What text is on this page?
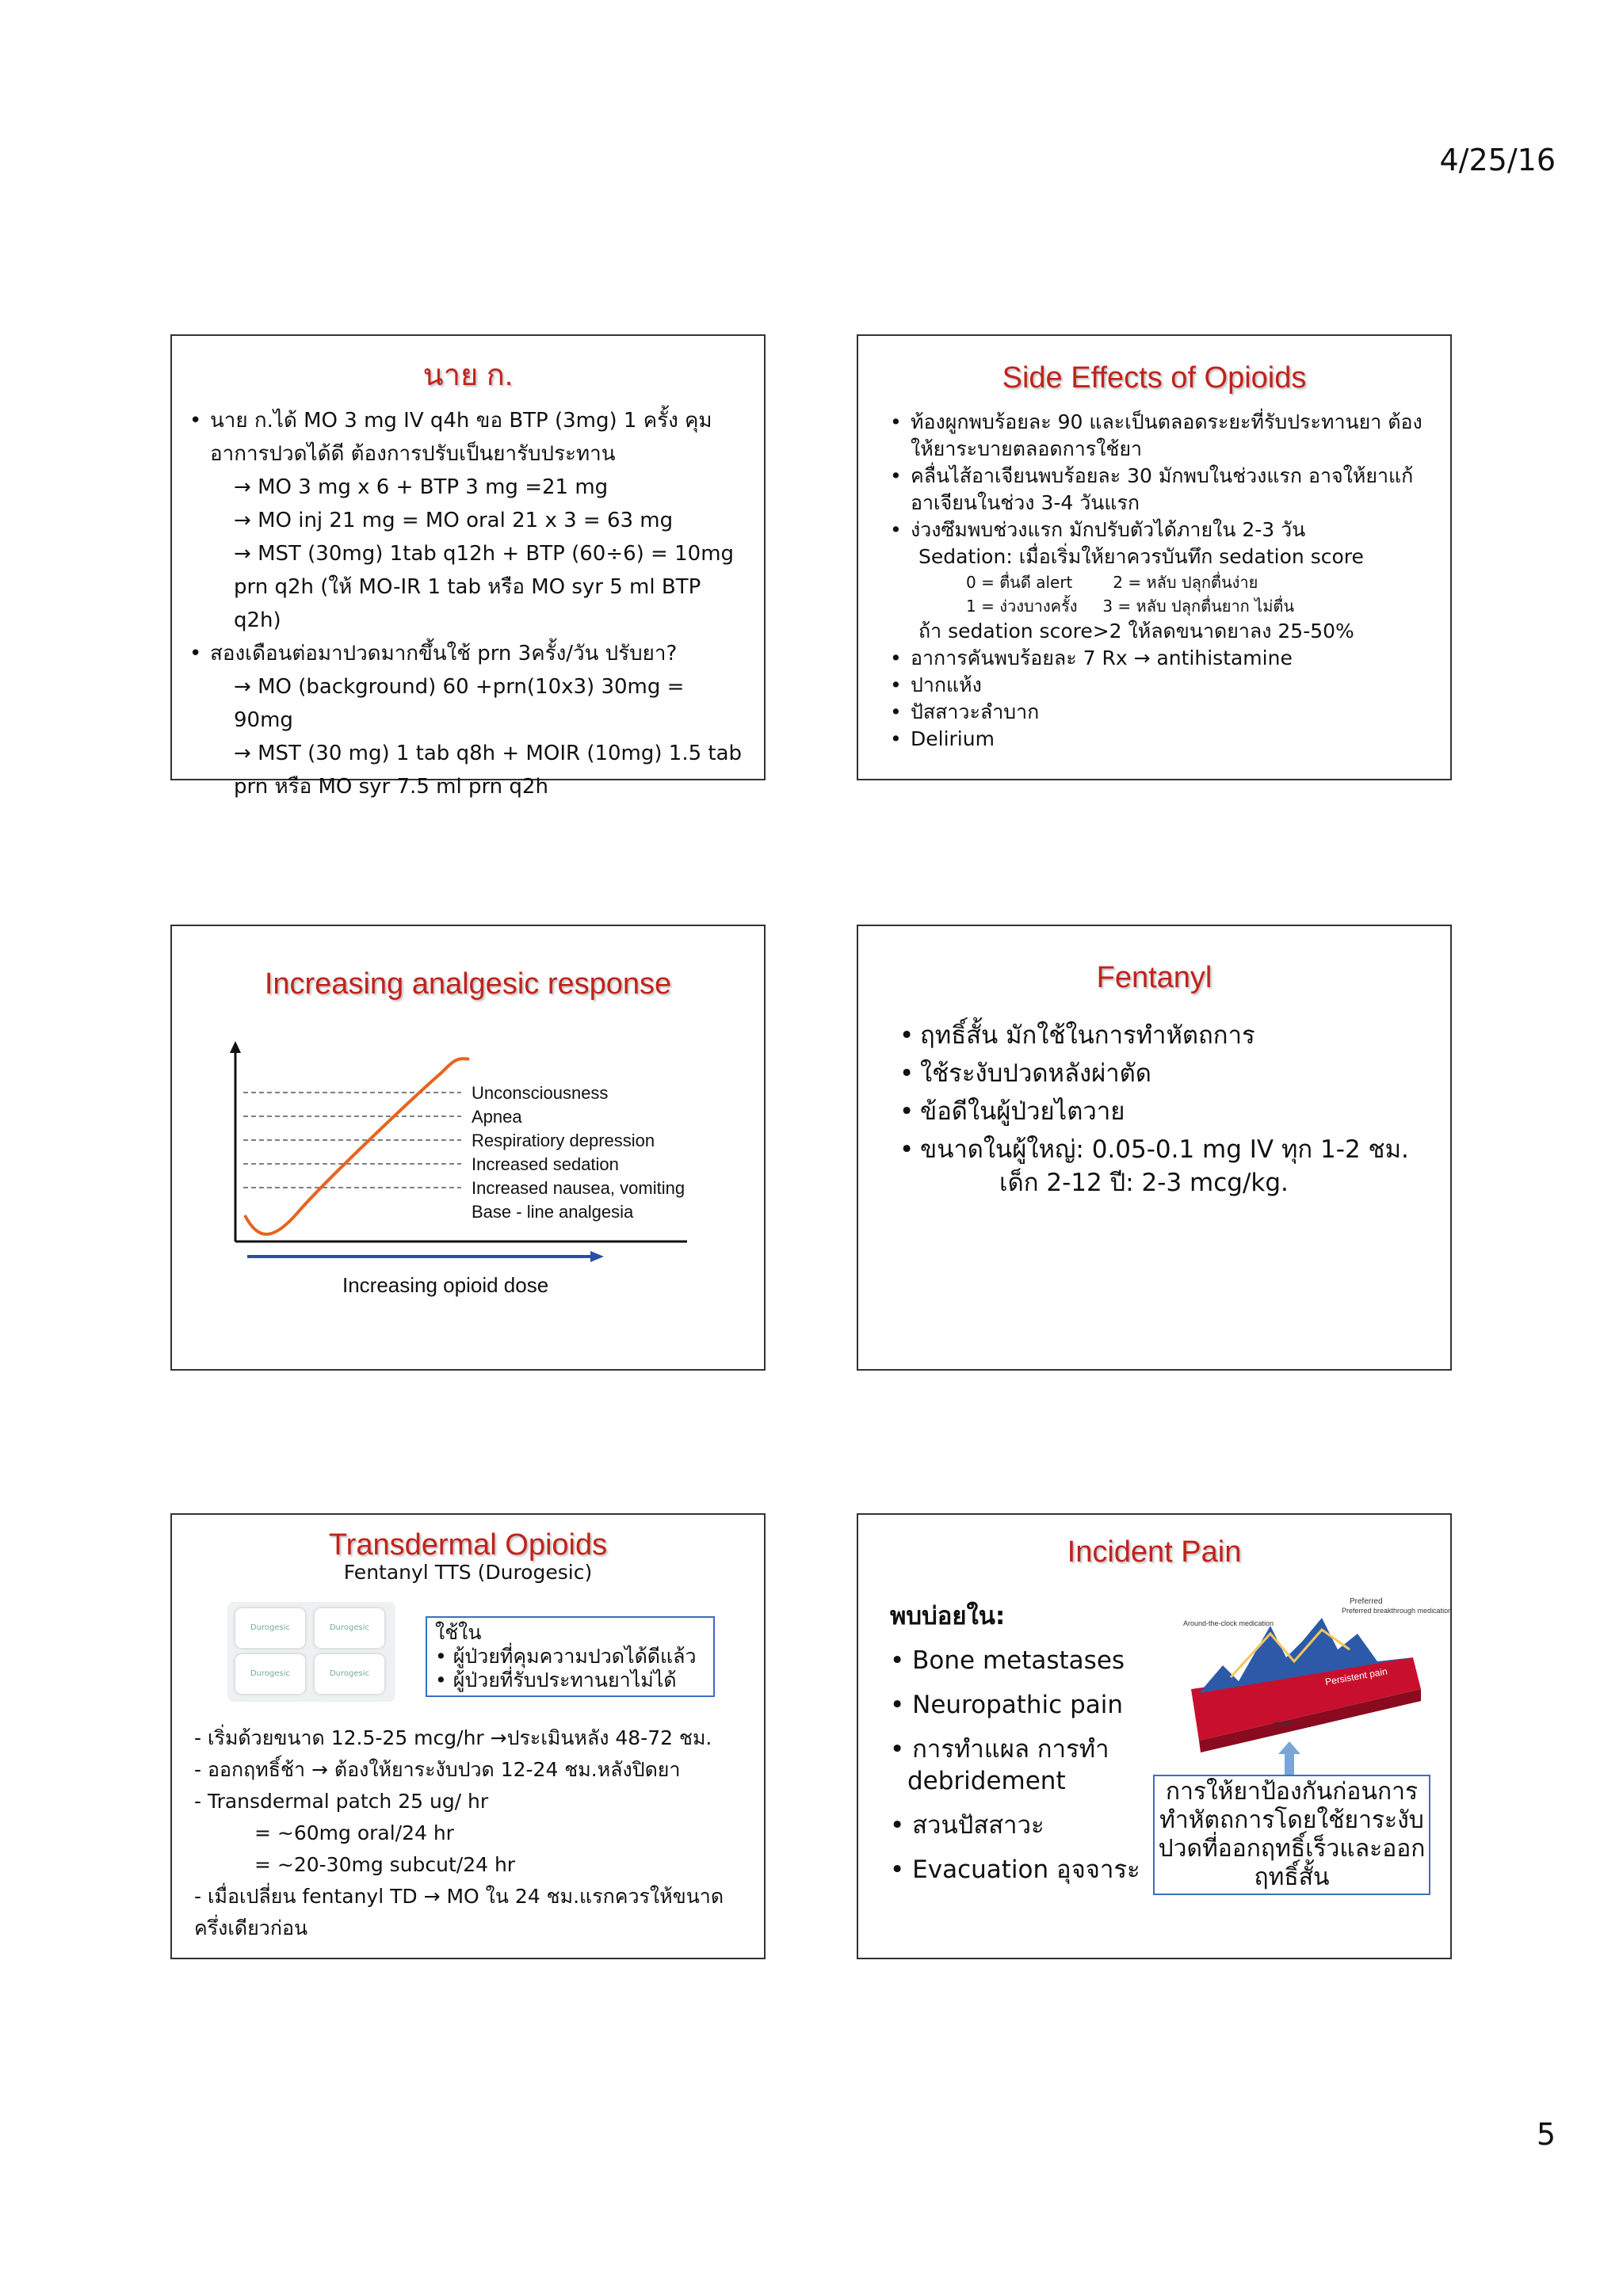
4/25/16
นาย ก.
• นาย ก.ได้ MO 3 mg IV q4h ขอ BTP (3mg) 1 ครั้ง คุมอาการปวดได้ดี ต้องการปรับเป็นยารับประทาน
→ MO 3 mg x 6 + BTP 3 mg =21 mg
→ MO inj 21 mg = MO oral 21 x 3 = 63 mg
→ MST (30mg) 1tab q12h + BTP (60÷6) = 10mg prn q2h (ให้ MO-IR 1 tab หรือ MO syr 5 ml BTP q2h)
• สองเดือนต่อมาปวดมากขึ้นใช้ prn 3ครั้ง/วัน ปรับยา?
→ MO (background) 60 +prn(10x3) 30mg = 90mg
→ MST (30 mg) 1 tab q8h + MOIR (10mg) 1.5 tab prn หรือ MO syr 7.5 ml prn q2h
Side Effects of Opioids
• ท้องผูกพบร้อยละ 90 และเป็นตลอดระยะที่รับประทานยา ต้องให้ยาระบายตลอดการใช้ยา
• คลื่นไส้อาเจียนพบร้อยละ 30 มักพบในช่วงแรก อาจให้ยาแก้อาเจียนในช่วง 3-4 วันแรก
• ง่วงซึมพบช่วงแรก มักปรับตัวได้ภายใน 2-3 วัน
Sedation: เมื่อเริ่มให้ยาควรบันทึก sedation score
0 = ตื่นดี alert        2 = หลับ ปลุกตื่นง่าย
1 = ง่วงบางครั้ง     3 = หลับ ปลุกตื่นยาก ไม่ตื่น
ถ้า sedation score>2 ให้ลดขนาดยาลง 25-50%
• อาการคันพบร้อยละ 7 Rx → antihistamine
• ปากแห้ง
• ปัสสาวะลำบาก
• Delirium
Increasing analgesic response
Unconsciousness
Apnea
Respiratiory depression
Increased sedation
Increased nausea, vomiting
Base - line analgesia
Increasing opioid dose
Fentanyl
• ฤทธิ์สั้น มักใช้ในการทำหัตถการ
• ใช้ระงับปวดหลังผ่าตัด
• ข้อดีในผู้ป่วยไตวาย
• ขนาดในผู้ใหญ่: 0.05-0.1 mg IV ทุก 1-2 ชม.
เด็ก 2-12 ปี: 2-3 mcg/kg.
Transdermal Opioids
Fentanyl TTS (Durogesic)
Durogesic	Durogesic
Durogesic	Durogesic
ใช้ใน
• ผู้ป่วยที่คุมความปวดได้ดีแล้ว
• ผู้ป่วยที่รับประทานยาไม่ได้
- เริ่มด้วยขนาด 12.5-25 mcg/hr →ประเมินหลัง 48-72 ชม.
- ออกฤทธิ์ช้า → ต้องให้ยาระงับปวด 12-24 ชม.หลังปิดยา
- Transdermal patch 25 ug/ hr
= ~60mg oral/24 hr
= ~20-30mg subcut/24 hr
- เมื่อเปลี่ยน fentanyl TD → MO ใน 24 ชม.แรกควรให้ขนาดครึ่งเดียวก่อน
Incident Pain
พบบ่อยใน:
• Bone metastases
• Neuropathic pain
• การทำแผล การทำ debridement
• สวนปัสสาวะ
• Evacuation อุจจาระ
Preferred
Preferred breakthrough medication
Around-the-clock medication
Persistent pain
Time
การให้ยาป้องกันก่อนการทำหัตถการโดยใช้ยาระงับปวดที่ออกฤทธิ์เร็วและออกฤทธิ์สั้น
5
